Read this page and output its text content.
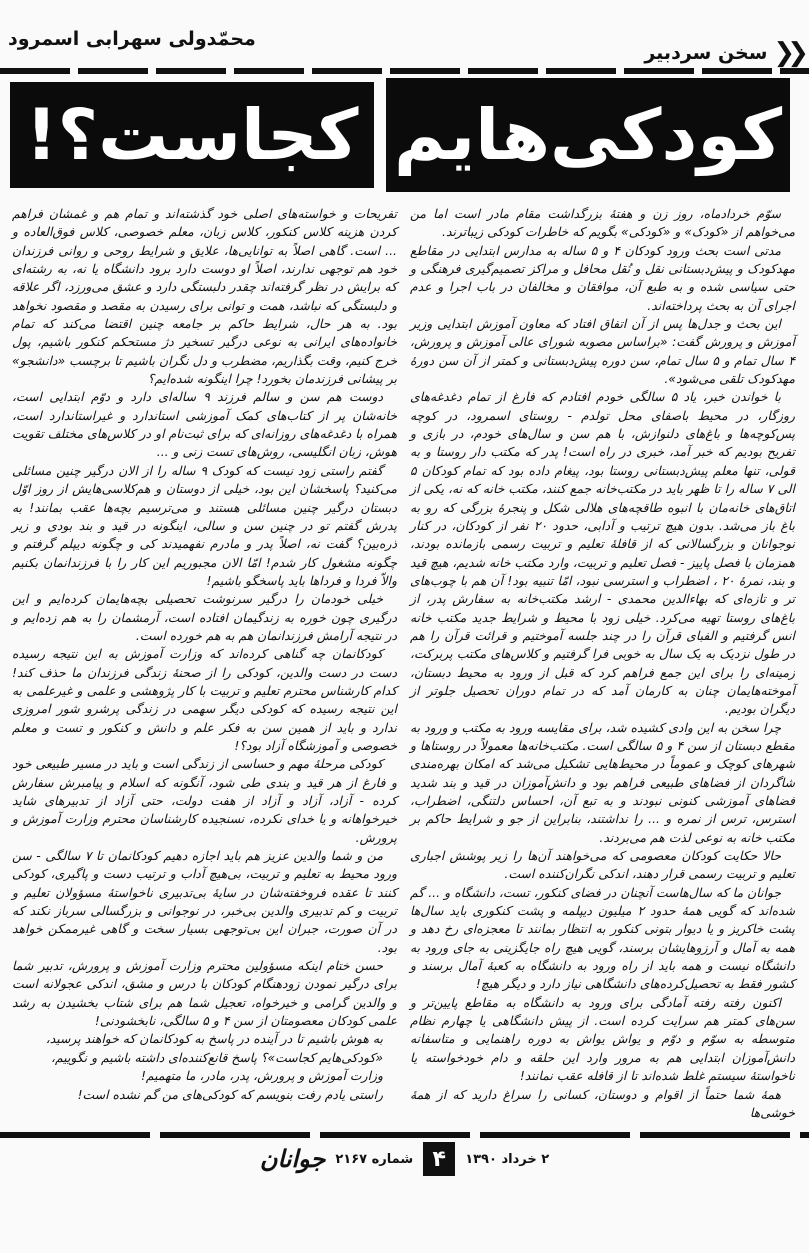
محمّدولی سهرابی اسمرود	❮❮
سخن سردبیر
کودکی‌هایم
کجاست؟!

سوّم خردادماه، روز زن و هفتهٔ بزرگداشت مقام مادر است اما من می‌خواهم از «کودک» و «کودکی» بگویم که خاطرات کودکی زیباترند.

مدتی است بحث ورود کودکان ۴ و ۵ ساله به مدارس ابتدایی در مقاطع مهدکودک و پیش‌دبستانی نقل و نُقل محافل و مراکز تصمیم‌گیری فرهنگی و حتی سیاسی شده و به طبع آن، موافقان و مخالفان در باب اجرا و عدم اجرای آن به بحث پرداخته‌اند.

این بحث و جدل‌ها پس از آن اتفاق افتاد که معاون آموزش ابتدایی وزیر آموزش و پرورش گفت: «براساس مصوبه شورای عالی آموزش و پرورش، ۴ سال تمام و ۵ سال تمام، سن دوره پیش‌دبستانی و کمتر از آن سن دورهٔ مهدکودک تلقی می‌شود».

با خواندن خبر، یاد ۵ سالگی خودم افتادم که فارغ از تمام دغدغه‌های روزگار، در محیط باصفای محل تولدم - روستای اسمرود، در کوچه پس‌کوچه‌ها و باغ‌های دلنوازش، با هم سن و سال‌های خودم، در بازی و تفریح بودیم که خبر آمد، خبری در راه است! پدر که مکتب دار روستا و به قولی، تنها معلم پیش‌دبستانی روستا بود، پیغام داده بود که تمام کودکان ۵ الی ۷ ساله را تا ظهر باید در مکتب‌خانه جمع کنند، مکتب خانه که نه، یکی از اتاق‌های خانه‌مان با انبوه طاقچه‌های هلالی شکل و پنجرهٔ بزرگی که رو به باغ باز می‌شد. بدون هیچ ترتیب و آدابی، حدود ۲۰ نفر از کودکان، در کنار نوجوانان و بزرگسالانی که از قافلهٔ تعلیم و تربیت رسمی بازمانده بودند، همزمان با فصل پاییز - فصل تعلیم و تربیت، وارد مکتب خانه شدیم، هیچ قید و بند، نمرهٔ ۲۰ ، اضطراب و استرسی نبود، امّا تنبیه بود! آن هم با چوب‌های تر و تازه‌ای که بهاءالدین محمدی - ارشد مکتب‌خانه به سفارش پدر، از باغ‌های روستا تهیه می‌کرد. خیلی زود با محیط و شرایط جدید مکتب خانه انس گرفتیم و الفبای قرآن را در چند جلسه آموختیم و قرائت قرآن را هم در طول نزدیک به یک سال به خوبی فرا گرفتیم و کلاس‌های مکتب پربرکت، زمینه‌ای را برای این جمع فراهم کرد که قبل از ورود به محیط دبستان، آموخته‌هایمان چنان به کارمان آمد که در تمام دوران تحصیل جلوتر از دیگران بودیم.

چرا سخن به این وادی کشیده شد، برای مقایسه ورود به مکتب و ورود به مقطع دبستان از سن ۴ و ۵ سالگی است. مکتب‌خانه‌ها معمولاً در روستاها و شهرهای کوچک و عموماً در محیط‌هایی تشکیل می‌شد که امکان بهره‌مندی شاگردان از فضاهای طبیعی فراهم بود و دانش‌آموزان در قید و بند شدید فضاهای آموزشی کنونی نبودند و به تبع آن، احساس دلتنگی، اضطراب، استرس، ترس از نمره و ... را نداشتند، بنابراین از جو و شرایط حاکم بر مکتب خانه به نوعی لذت هم می‌بردند.

حالا حکایت کودکان معصومی که می‌خواهند آن‌ها را زیر پوشش اجباری تعلیم و تربیت رسمی قرار دهند، اندکی نگران‌کننده است.

جوانان ما که سال‌هاست آنچنان در فضای کنکور، تست، دانشگاه و ... گم شده‌اند که گویی همهٔ حدود ۲ میلیون دیپلمه و پشت کنکوری باید سال‌ها پشت خاکریز و یا دیوار بتونی کنکور به انتظار بمانند تا معجزه‌ای رخ دهد و همه به آمال و آرزوهایشان برسند، گویی هیچ راه جایگزینی به جای ورود به دانشگاه نیست و همه باید از راه ورود به دانشگاه به کعبهٔ آمال برسند و کشور فقط به تحصیل‌کرده‌های دانشگاهی نیاز دارد و دیگر هیچ!

اکنون رفته رفته آمادگی برای ورود به دانشگاه به مقاطع پایین‌تر و سن‌های کمتر هم سرایت کرده است. از پیش دانشگاهی یا چهارم نظام متوسطه به سوّم و دوّم و یواش یواش به دوره راهنمایی و متاسفانه دانش‌آموزان ابتدایی هم به مرور وارد این حلقه و دام خودخواسته یا ناخواستهٔ سیستم غلط شده‌اند تا از قافله عقب نمانند!

همهٔ شما حتماً از اقوام و دوستان، کسانی را سراغ دارید که از همهٔ خوشی‌ها

تفریحات و خواسته‌های اصلی خود گذشته‌اند و تمام هم و غمشان فراهم کردن هزینه کلاس کنکور، کلاس زبان، معلم خصوصی، کلاس فوق‌العاده و ... است. گاهی اصلاً به توانایی‌ها، علایق و شرایط روحی و روانی فرزندان خود هم توجهی ندارند، اصلاً او دوست دارد برود دانشگاه یا نه، به رشته‌ای که برایش در نظر گرفته‌اند چقدر دلبستگی دارد و عشق می‌ورزد، اگر علاقه و دلبستگی که نباشد، همت و توانی برای رسیدن به مقصد و مقصود نخواهد بود. به هر حال، شرایط حاکم بر جامعه چنین اقتضا می‌کند که تمام خانواده‌های ایرانی به نوعی درگیر تسخیر دژ مستحکم کنکور باشیم، پول خرج کنیم، وقت بگذاریم، مضطرب و دل نگران باشیم تا برچسب «دانشجو» بر پیشانی فرزندمان بخورد! چرا اینگونه شده‌ایم؟

دوست هم سن و سالم فرزند ۹ ساله‌ای دارد و دوّم ابتدایی است، خانه‌شان پر از کتاب‌های کمک آموزشی استاندارد و غیراستاندارد است، همراه با دغدغه‌های روزانه‌ای که برای ثبت‌نام او در کلاس‌های مختلف تقویت هوش، زبان انگلیسی، روش‌های تست زنی و ...

گفتم راستی زود نیست که کودک ۹ ساله را از الان درگیر چنین مسائلی می‌کنید؟ پاسخشان این بود، خیلی از دوستان و هم‌کلاسی‌هایش از روز اوّل دبستان درگیر چنین مسائلی هستند و می‌ترسیم بچه‌ها عقب بمانند! به پدرش گفتم تو در چنین سن و سالی، اینگونه در قید و بند بودی و زیر ذره‌بین؟ گفت نه، اصلاً پدر و مادرم نفهمیدند کی و چگونه دیپلم گرفتم و چگونه مشغول کار شدم! امّا الان مجبوریم این کار را با فرزندانمان بکنیم والاّ فردا و فرداها باید پاسخگو باشیم!

خیلی خودمان را درگیر سرنوشت تحصیلی بچه‌هایمان کرده‌ایم و این درگیری چون خوره به زندگیمان افتاده است، آرمشمان را به هم زده‌ایم و در نتیجه آرامش فرزندانمان هم به هم خورده است.

کودکانمان چه گناهی کرده‌اند که وزارت آموزش به این نتیجه رسیده دست در دست والدین، کودکی را از صحنهٔ زندگی فرزندان ما حذف کند! کدام کارشناس محترم تعلیم و تربیت با کار پژوهشی و علمی و غیرعلمی به این نتیجه رسیده که کودکی دیگر سهمی در زندگی پرشرو شور امروزی ندارد و باید از همین سن به فکر علم و دانش و کنکور و تست و معلم خصوصی و آموزشگاه آزاد بود؟!

کودکی مرحلهٔ مهم و حساسی از زندگی است و باید در مسیر طبیعی خود و فارغ از هر قید و بندی طی شود، آنگونه که اسلام و پیامبرش سفارش کرده - آزاد، آزاد و آزاد از هفت دولت، حتی آزاد از تدبیرهای شاید خیرخواهانه و یا خدای نکرده، نسنجیده کارشناسان محترم وزارت آموزش و پرورش.

من و شما والدین عزیز هم باید اجازه دهیم کودکانمان تا ۷ سالگی - سن ورود محیط به تعلیم و تربیت، بی‌هیچ آداب و ترتیب دست و پاگیری، کودکی کنند تا عقده فروخفته‌شان در سایهٔ بی‌تدبیری ناخواستهٔ مسؤولان تعلیم و تربیت و کم تدبیری والدین بی‌خبر، در نوجوانی و بزرگسالی سرباز نکند که در آن صورت، جبران این بی‌توجهی بسیار سخت و گاهی غیرممکن خواهد بود.

حسن ختام اینکه مسؤولین محترم وزارت آموزش و پرورش، تدبیر شما برای درگیر نمودن زودهنگام کودکان با درس و مشق، اندکی عجولانه است و والدین گرامی و خیرخواه، تعجیل شما هم برای شتاب بخشیدن به رشد علمی کودکان معصومتان از سن ۴ و ۵ سالگی، نابخشودنی!

به هوش باشیم تا در آینده در پاسخ به کودکانمان که خواهند پرسید،
«کودکی‌هایم کجاست»؟ پاسخ قانع‌کننده‌ای داشته باشیم و نگوییم،
وزارت آموزش و پرورش، پدر، مادر، ما متهمیم!
راستی یادم رفت بنویسم که کودکی‌های من گم نشده است!
۲ خرداد ۱۳۹۰
۴
شماره ۲۱۶۷
جوانان
